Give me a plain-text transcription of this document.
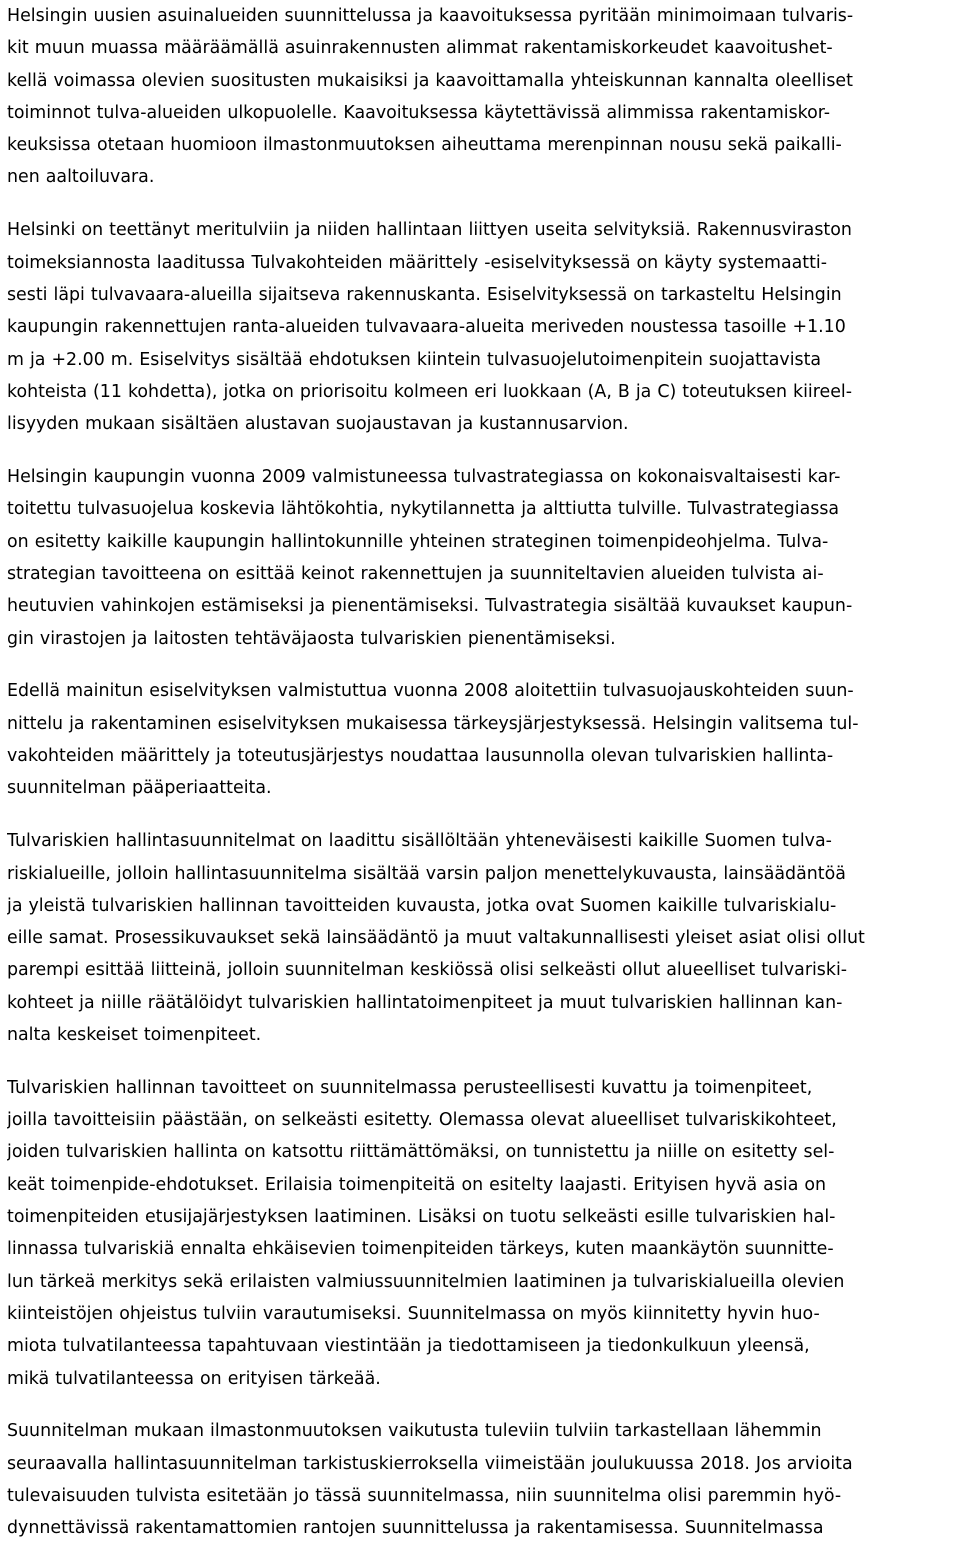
Helsingin uusien asuinalueiden suunnittelussa ja kaavoituksessa pyritään minimoimaan tulvaris-
kit muun muassa määräämällä asuinrakennusten alimmat rakentamiskorkeudet kaavoitushet-
kellä voimassa olevien suositusten mukaisiksi ja kaavoittamalla yhteiskunnan kannalta oleelliset
toiminnot tulva-alueiden ulkopuolelle. Kaavoituksessa käytettävissä alimmissa rakentamiskor-
keuksissa otetaan huomioon ilmastonmuutoksen aiheuttama merenpinnan nousu sekä paikalli-
nen aaltoiluvara.
Helsinki on teettänyt meritulviin ja niiden hallintaan liittyen useita selvityksiä. Rakennusviraston
toimeksiannosta laaditussa Tulvakohteiden määrittely -esiselvityksessä on käyty systemaatti-
sesti läpi tulvavaara-alueilla sijaitseva rakennuskanta. Esiselvityksessä on tarkasteltu Helsingin
kaupungin rakennettujen ranta-alueiden tulvavaara-alueita meriveden noustessa tasoille +1.10
m ja +2.00 m. Esiselvitys sisältää ehdotuksen kiintein tulvasuojelutoimenpitein suojattavista
kohteista (11 kohdetta), jotka on priorisoitu kolmeen eri luokkaan (A, B ja C) toteutuksen kiireel-
lisyyden mukaan sisältäen alustavan suojaustavan ja kustannusarvion.
Helsingin kaupungin vuonna 2009 valmistuneessa tulvastrategiassa on kokonaisvaltaisesti kar-
toitettu tulvasuojelua koskevia lähtökohtia, nykytilannetta ja alttiutta tulville. Tulvastrategiassa
on esitetty kaikille kaupungin hallintokunnille yhteinen strateginen toimenpideohjelma. Tulva-
strategian tavoitteena on esittää keinot rakennettujen ja suunniteltavien alueiden tulvista ai-
heutuvien vahinkojen estämiseksi ja pienentämiseksi. Tulvastrategia sisältää kuvaukset kaupun-
gin virastojen ja laitosten tehtäväjaosta tulvariskien pienentämiseksi.
Edellä mainitun esiselvityksen valmistuttua vuonna 2008 aloitettiin tulvasuojauskohteiden suun-
nittelu ja rakentaminen esiselvityksen mukaisessa tärkeysjärjestyksessä. Helsingin valitsema tul-
vakohteiden määrittely ja toteutusjärjestys noudattaa lausunnolla olevan tulvariskien hallinta-
suunnitelman pääperiaatteita.
Tulvariskien hallintasuunnitelmat on laadittu sisällöltään yhteneväisesti kaikille Suomen tulva-
riskialueille, jolloin hallintasuunnitelma sisältää varsin paljon menettelykuvausta, lainsäädäntöä
ja yleistä tulvariskien hallinnan tavoitteiden kuvausta, jotka ovat Suomen kaikille tulvariskialu-
eille samat. Prosessikuvaukset sekä lainsäädäntö ja muut valtakunnallisesti yleiset asiat olisi ollut
parempi esittää liitteinä, jolloin suunnitelman keskiössä olisi selkeästi ollut alueelliset tulvariski-
kohteet ja niille räätälöidyt tulvariskien hallintatoimenpiteet ja muut tulvariskien hallinnan kan-
nalta keskeiset toimenpiteet.
Tulvariskien hallinnan tavoitteet on suunnitelmassa perusteellisesti kuvattu ja toimenpiteet,
joilla tavoitteisiin päästään, on selkeästi esitetty. Olemassa olevat alueelliset tulvariskikohteet,
joiden tulvariskien hallinta on katsottu riittämättömäksi, on tunnistettu ja niille on esitetty sel-
keät toimenpide-ehdotukset. Erilaisia toimenpiteitä on esitelty laajasti. Erityisen hyvä asia on
toimenpiteiden etusijajärjestyksen laatiminen. Lisäksi on tuotu selkeästi esille tulvariskien hal-
linnassa tulvariskiä ennalta ehkäisevien toimenpiteiden tärkeys, kuten maankäytön suunnitte-
lun tärkeä merkitys sekä erilaisten valmiussuunnitelmien laatiminen ja tulvariskialueilla olevien
kiinteistöjen ohjeistus tulviin varautumiseksi. Suunnitelmassa on myös kiinnitetty hyvin huo-
miota tulvatilanteessa tapahtuvaan viestintään ja tiedottamiseen ja tiedonkulkuun yleensä,
mikä tulvatilanteessa on erityisen tärkeää.
Suunnitelman mukaan ilmastonmuutoksen vaikutusta tuleviin tulviin tarkastellaan lähemmin
seuraavalla hallintasuunnitelman tarkistuskierroksella viimeistään joulukuussa 2018. Jos arvioita
tulevaisuuden tulvista esitetään jo tässä suunnitelmassa, niin suunnitelma olisi paremmin hyö-
dynnettävissä rakentamattomien rantojen suunnittelussa ja rakentamisessa. Suunnitelmassa
